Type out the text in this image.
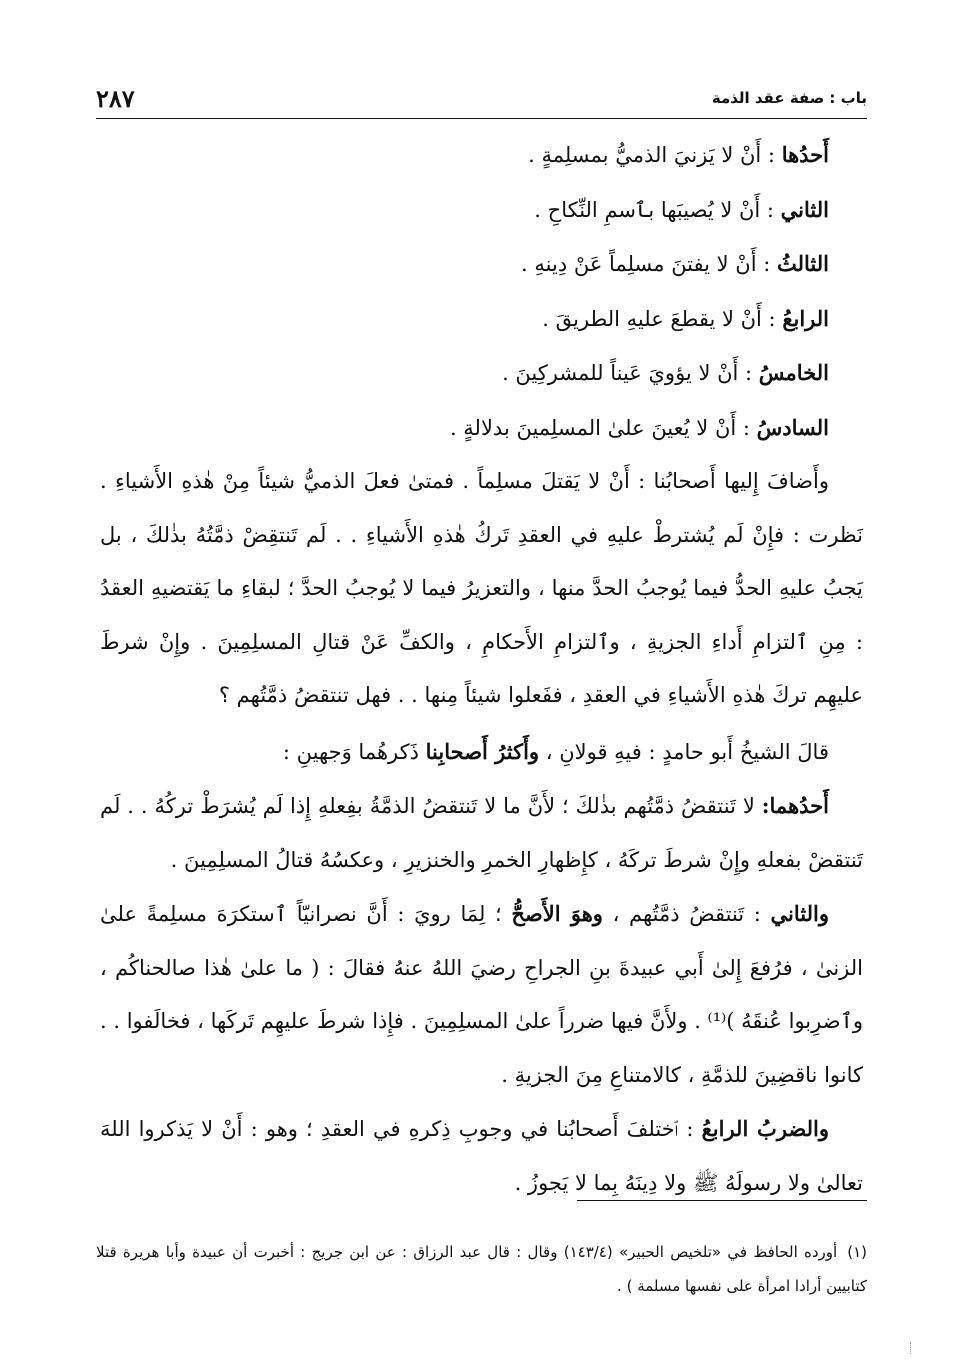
باب : صفة عقد الذمة
٢٨٧
أَحدُها : أَنْ لا يَزنيَ الذميُّ بمسلِمةٍ .
الثاني : أَنْ لا يُصيبَها بٱسمِ النِّكاحِ .
الثالثُ : أَنْ لا يفتنَ مسلِماً عَنْ دِينهِ .
الرابعُ : أَنْ لا يقطعَ عليهِ الطريقَ .
الخامسُ : أَنْ لا يؤويَ عَيناً للمشركِينَ .
السادسُ : أَنْ لا يُعينَ علىٰ المسلِمينَ بدلالةٍ .

وأَضافَ إِليها أَصحابُنا : أَنْ لا يَقتلَ مسلِماً . فمتىٰ فعلَ الذميُّ شيئاً مِنْ هٰذهِ الأَشياءِ . نَظرت : فإِنْ لَم يُشترطْ عليهِ في العقدِ تَركُ هٰذهِ الأَشياءِ . . لَم تَنتقِضْ ذمَّتُهُ بذٰلكَ ، بل يَجبُ عليهِ الحدُّ فيما يُوجبُ الحدَّ منها ، والتعزيرُ فيما لا يُوجبُ الحدَّ ؛ لبقاءِ ما يَقتضيهِ العقدُ : مِنِ ٱلتزامِ أَداءِ الجزيةِ ، وٱلتزامِ الأَحكامِ ، والكفِّ عَنْ قتالِ المسلِمِينَ . وإِنْ شرطَ عليهِم تركَ هٰذهِ الأَشياءِ في العقدِ ، ففَعلوا شيئاً مِنها . . فهل تنتقضُ ذمَّتُهم ؟

قالَ الشيخُ أَبو حامدٍ : فيهِ قولانِ ، وأَكثرُ أَصحابِنا ذَكرهُما وَجهينِ :

أَحدُهما: لا تَنتقضُ ذمَّتُهم بذٰلكَ ؛ لأَنَّ ما لا تَنتقضُ الذمَّةُ بفِعلهِ إِذا لَم يُشرَطْ تركُهُ . . لَم تَنتقضْ بفعلهِ وإِنْ شرطَ تركَهُ ، كإِظهارِ الخمرِ والخنزيرِ ، وعكسُهُ قتالُ المسلِمِينَ .

والثاني : تَنتقضُ ذمَّتُهم ، وهوَ الأَصحُّ ؛ لِمَا رويَ : أَنَّ نصرانيّاً ٱستكرَهَ مسلِمةً علىٰ الزنىٰ ، فرُفعَ إِلىٰ أَبي عبيدةَ بنِ الجراحِ رضيَ اللهُ عنهُ فقالَ : ( ما علىٰ هٰذا صالحناكُم ، وٱضرِبوا عُنقَهُ )⁽¹⁾ . ولأَنَّ فيها ضرراً علىٰ المسلِمِينَ . فإِذا شرطَ عليهِم تَركَها ، فخالَفوا . . كانوا ناقضِينَ للذمَّةِ ، كالامتناعِ مِنَ الجزيةِ .

والضربُ الرابعُ : ٱختلفَ أَصحابُنا في وجوبِ ذِكرهِ في العقدِ ؛ وهو : أَنْ لا يَذكروا اللهَ تعالىٰ ولا رسولَهُ ﷺ ولا دِينَهُ بِما لا يَجوزُ .

(١)أورده الحافظ في «تلخيص الحبير» (١٤٣/٤) وقال : قال عبد الرزاق : عن ابن جريج : أخبرت أن عبيدة وأبا هريرة قتلا كتابيين أرادا امرأة على نفسها مسلمة ) .
